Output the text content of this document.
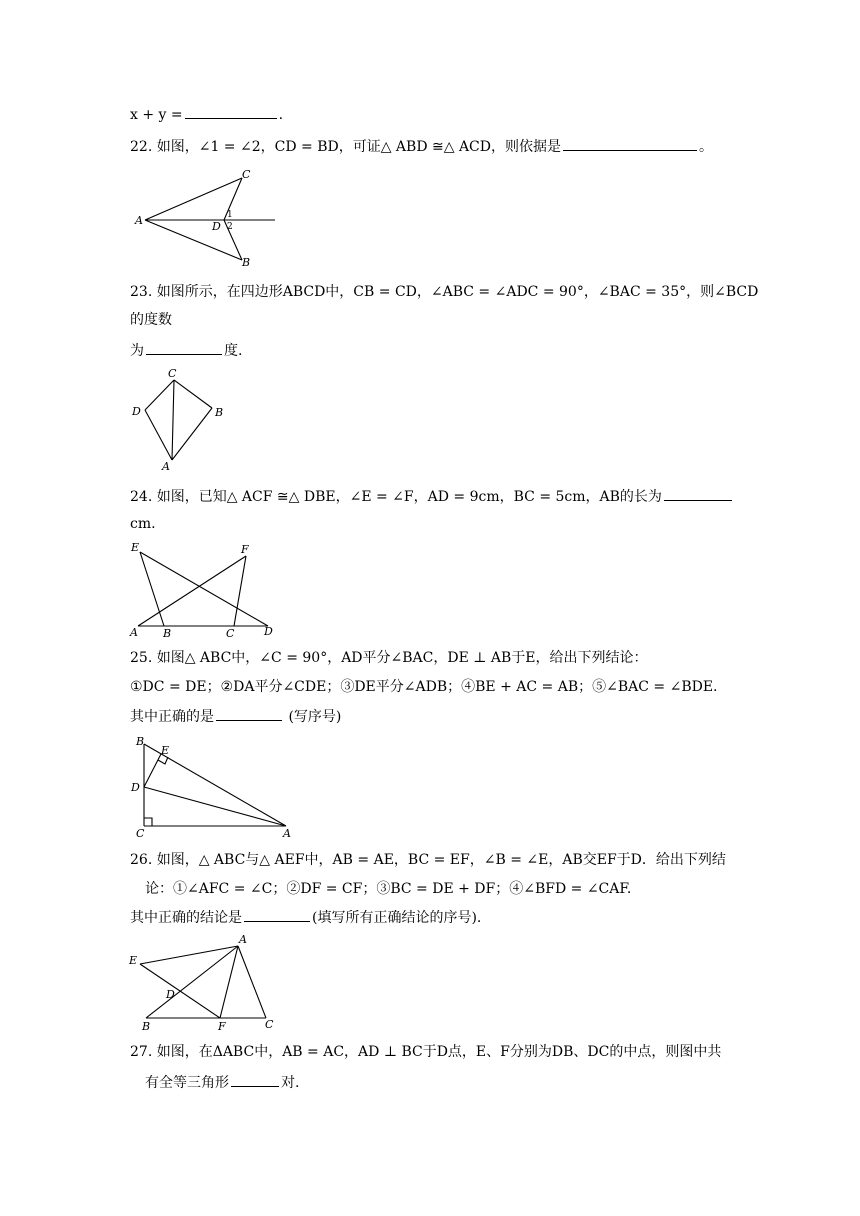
x + y =	.
22. 如图，∠1 = ∠2，CD = BD，可证△ ABD ≅△ ACD，则依据是	。
A
C
B
D
1
2
23. 如图所示，在四边形ABCD中，CB = CD，∠ABC = ∠ADC = 90°，∠BAC = 35°，则∠BCD
的度数
为	度.
C
D	B
A
24. 如图，已知△ ACF ≅△ DBE，∠E = ∠F，AD = 9cm，BC = 5cm，AB的长为
cm.
E	F
A B	C	D
25. 如图△ ABC中，∠C = 90°，AD平分∠BAC，DE ⊥ AB于E，给出下列结论：
①DC = DE；②DA平分∠CDE；③DE平分∠ADB；④BE + AC = AB；⑤∠BAC = ∠BDE.
其中正确的是	(写序号)
B
E
D
C	A
26. 如图，△ ABC与△ AEF中，AB = AE，BC = EF，∠B = ∠E，AB交EF于D．给出下列结
论：①∠AFC = ∠C；②DF = CF；③BC = DE + DF；④∠BFD = ∠CAF.
其中正确的结论是	(填写所有正确结论的序号).
A
E
D
B	F	C
27. 如图，在ΔABC中，AB = AC，AD ⊥ BC于D点，E、F分别为DB、DC的中点，则图中共
有全等三角形	对.
